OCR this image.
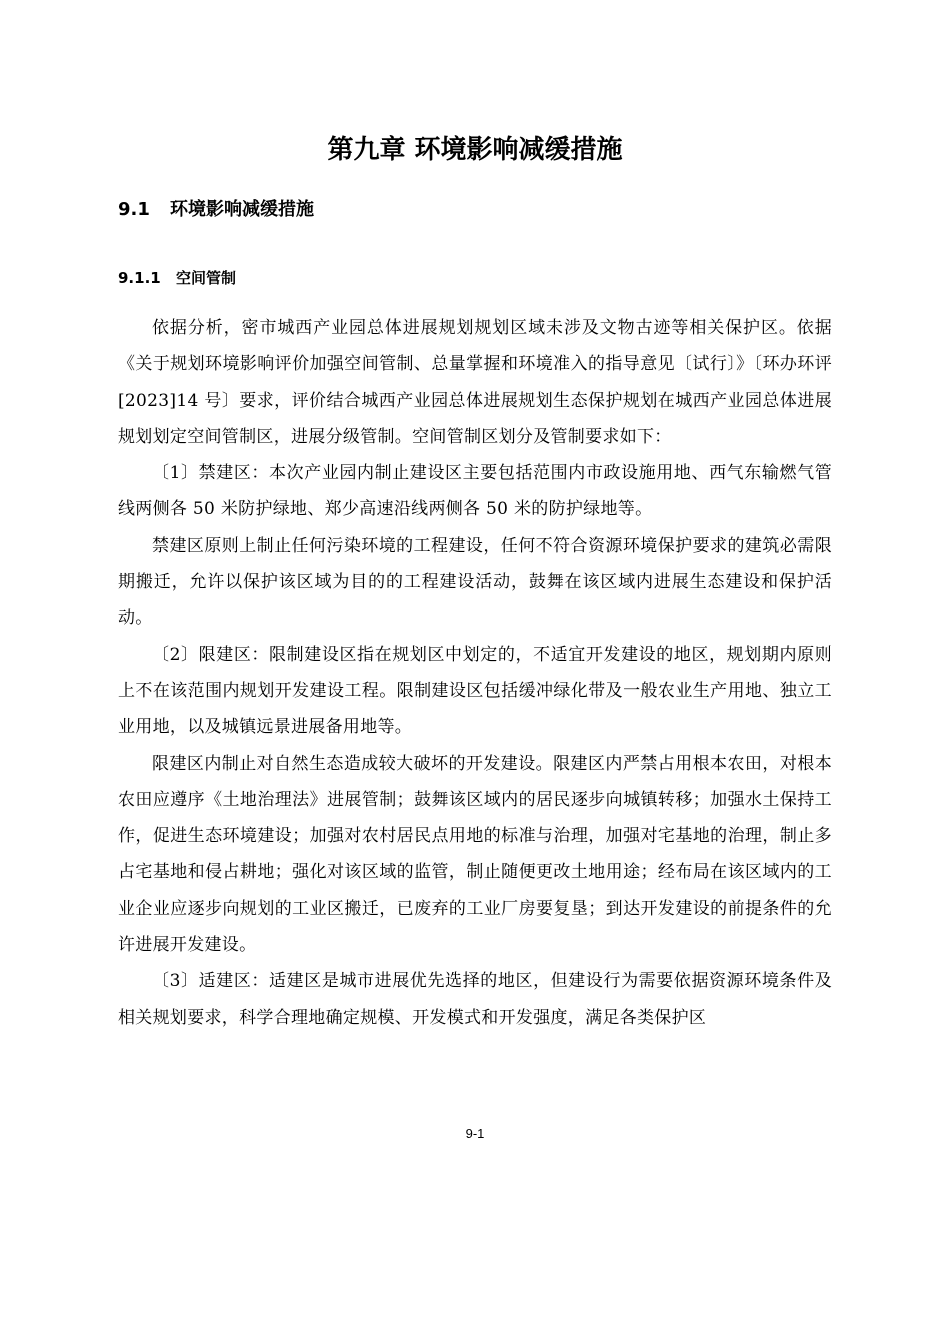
第九章 环境影响减缓措施
9.1 环境影响减缓措施
9.1.1 空间管制

依据分析，密市城西产业园总体进展规划规划区域未涉及文物古迹等相关保护区。依据《关于规划环境影响评价加强空间管制、总量掌握和环境准入的指导意见〔试行〕》〔环办环评[2023]14 号〕要求，评价结合城西产业园总体进展规划生态保护规划在城西产业园总体进展规划划定空间管制区，进展分级管制。空间管制区划分及管制要求如下：

〔1〕禁建区：本次产业园内制止建设区主要包括范围内市政设施用地、西气东输燃气管线两侧各 50 米防护绿地、郑少高速沿线两侧各 50 米的防护绿地等。

禁建区原则上制止任何污染环境的工程建设，任何不符合资源环境保护要求的建筑必需限期搬迁，允许以保护该区域为目的的工程建设活动，鼓舞在该区域内进展生态建设和保护活动。

〔2〕限建区：限制建设区指在规划区中划定的，不适宜开发建设的地区，规划期内原则上不在该范围内规划开发建设工程。限制建设区包括缓冲绿化带及一般农业生产用地、独立工业用地，以及城镇远景进展备用地等。

限建区内制止对自然生态造成较大破坏的开发建设。限建区内严禁占用根本农田，对根本农田应遵序《土地治理法》进展管制；鼓舞该区域内的居民逐步向城镇转移；加强水土保持工作，促进生态环境建设；加强对农村居民点用地的标准与治理，加强对宅基地的治理，制止多占宅基地和侵占耕地；强化对该区域的监管，制止随便更改土地用途；经布局在该区域内的工业企业应逐步向规划的工业区搬迁，已废弃的工业厂房要复垦；到达开发建设的前提条件的允许进展开发建设。

〔3〕适建区：适建区是城市进展优先选择的地区，但建设行为需要依据资源环境条件及相关规划要求，科学合理地确定规模、开发模式和开发强度，满足各类保护区

9-1
